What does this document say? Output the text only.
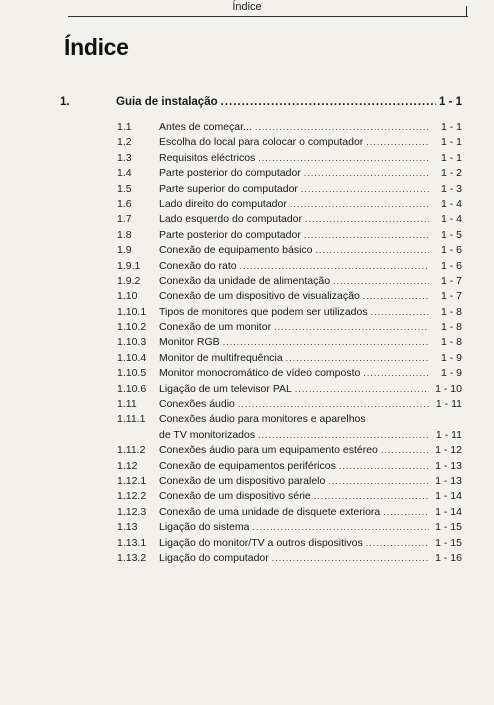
Índice
Índice
1.	Guia de instalação .....	1 - 1
1.1	Antes de começar... .....	1 - 1
1.2	Escolha do local para colocar o computador .....	1 - 1
1.3	Requisitos eléctricos .....	1 - 1
1.4	Parte posterior do computador .....	1 - 2
1.5	Parte superior do computador .....	1 - 3
1.6	Lado direito do computador .....	1 - 4
1.7	Lado esquerdo do computador .....	1 - 4
1.8	Parte posterior do computador .....	1 - 5
1.9	Conexão de equipamento básico .....	1 - 6
1.9.1	Conexão do rato .....	1 - 6
1.9.2	Conexão da unidade de alimentação .....	1 - 7
1.10	Conexão de um dispositivo de visualização .....	1 - 7
1.10.1	Tipos de monitores que podem ser utilizados .....	1 - 8
1.10.2	Conexão de um monitor .....	1 - 8
1.10.3	Monitor RGB .....	1 - 8
1.10.4	Monitor de multifrequência .....	1 - 9
1.10.5	Monitor monocromático de vídeo composto .....	1 - 9
1.10.6	Ligação de um televisor PAL .....	1 - 10
1.11	Conexões áudio .....	1 - 11
1.11.1	Conexões áudio para monitores e aparelhos
de TV monitorizados .....	1 - 11
1.11.2	Conexões áudio para um equipamento estéreo .....	1 - 12
1.12	Conexão de equipamentos periféricos .....	1 - 13
1.12.1	Conexão de um dispositivo paralelo .....	1 - 13
1.12.2	Conexão de um dispositivo série .....	1 - 14
1.12.3	Conexão de uma unidade de disquete exteriora .....	1 - 14
1.13	Ligação do sistema .....	1 - 15
1.13.1	Ligação do monitor/TV a outros dispositivos .....	1 - 15
1.13.2	Ligação do computador .....	1 - 16
